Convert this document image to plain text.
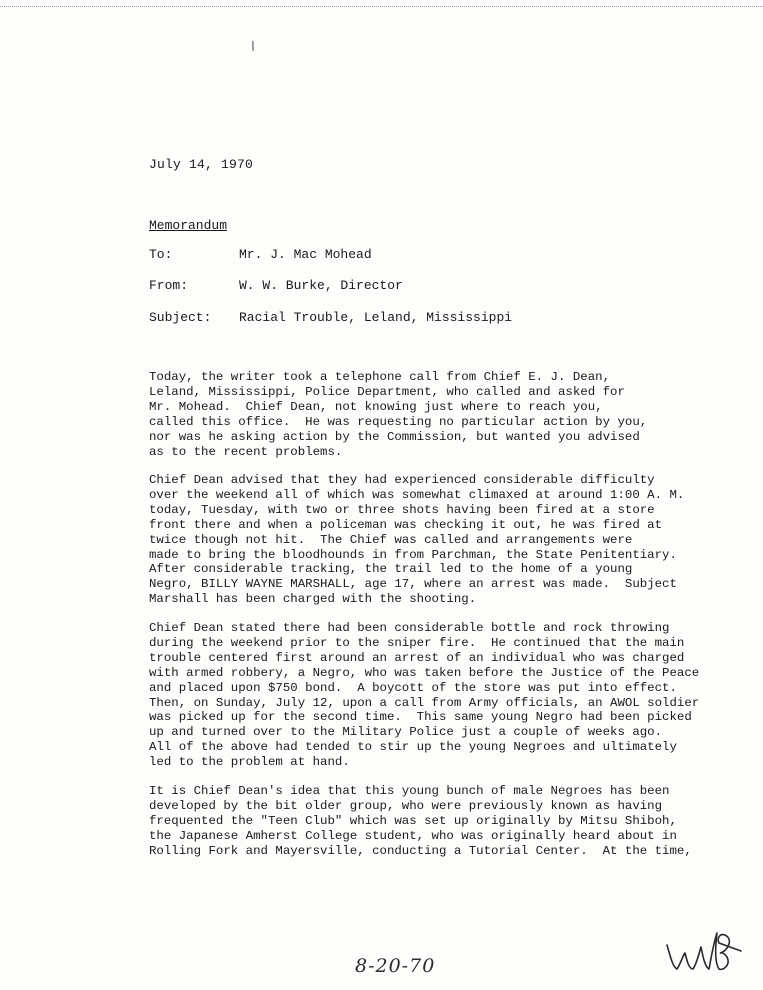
/
July 14, 1970
Memorandum
To:	Mr. J. Mac Mohead
From:	W. W. Burke, Director
Subject: Racial Trouble, Leland, Mississippi

Today, the writer took a telephone call from Chief E. J. Dean,
Leland, Mississippi, Police Department, who called and asked for
Mr. Mohead.  Chief Dean, not knowing just where to reach you,
called this office.  He was requesting no particular action by you,
nor was he asking action by the Commission, but wanted you advised
as to the recent problems.

Chief Dean advised that they had experienced considerable difficulty
over the weekend all of which was somewhat climaxed at around 1:00 A. M.
today, Tuesday, with two or three shots having been fired at a store
front there and when a policeman was checking it out, he was fired at
twice though not hit.  The Chief was called and arrangements were
made to bring the bloodhounds in from Parchman, the State Penitentiary.
After considerable tracking, the trail led to the home of a young
Negro, BILLY WAYNE MARSHALL, age 17, where an arrest was made.  Subject
Marshall has been charged with the shooting.

Chief Dean stated there had been considerable bottle and rock throwing
during the weekend prior to the sniper fire.  He continued that the main
trouble centered first around an arrest of an individual who was charged
with armed robbery, a Negro, who was taken before the Justice of the Peace
and placed upon $750 bond.  A boycott of the store was put into effect.
Then, on Sunday, July 12, upon a call from Army officials, an AWOL soldier
was picked up for the second time.  This same young Negro had been picked
up and turned over to the Military Police just a couple of weeks ago.
All of the above had tended to stir up the young Negroes and ultimately
led to the problem at hand.

It is Chief Dean's idea that this young bunch of male Negroes has been
developed by the bit older group, who were previously known as having
frequented the "Teen Club" which was set up originally by Mitsu Shiboh,
the Japanese Amherst College student, who was originally heard about in
Rolling Fork and Mayersville, conducting a Tutorial Center.  At the time,

8-20-70
